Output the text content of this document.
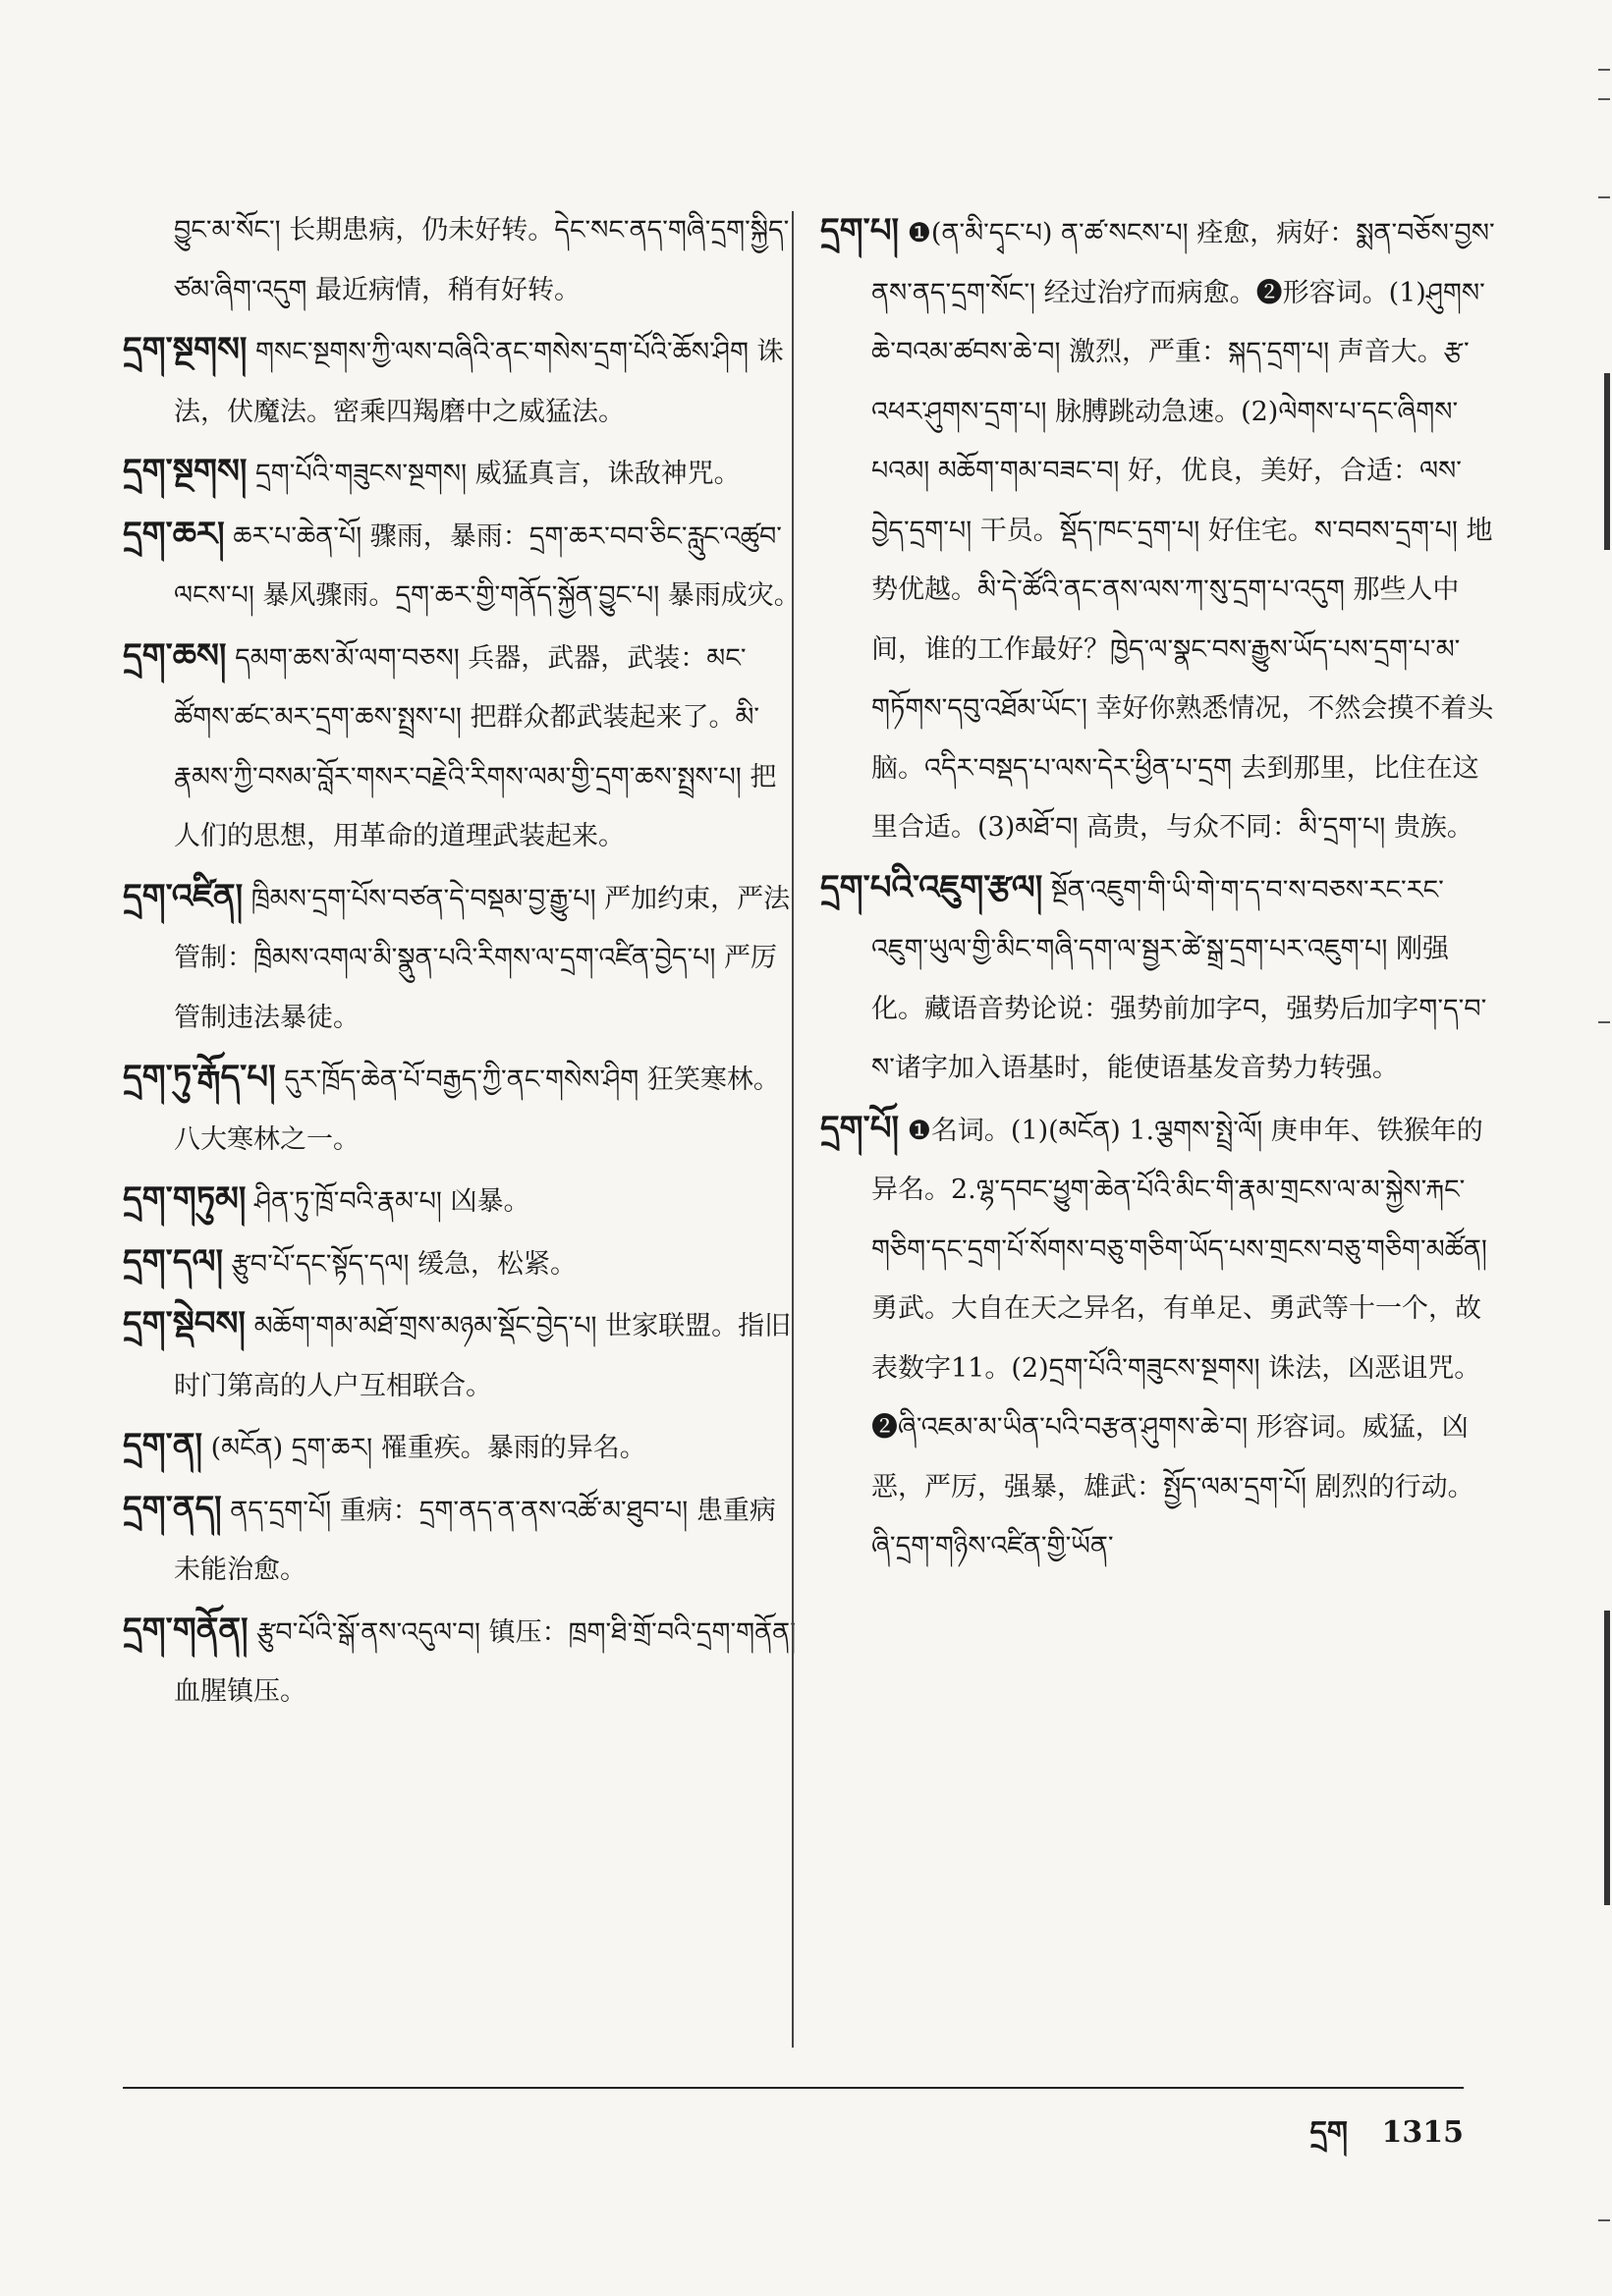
བྱུང་མ་སོང་། 长期患病，仍未好转。དེང་སང་ནད་གཞི་དྲག་སྐྱིད་ཙམ་ཞིག་འདུག 最近病情，稍有好转。

དྲག་སྔགས། གསང་སྔགས་ཀྱི་ལས་བཞིའི་ནང་གསེས་དྲག་པོའི་ཆོས་ཤིག 诛法，伏魔法。密乘四羯磨中之威猛法。

དྲག་སྔགས། དྲག་པོའི་གཟུངས་སྔགས། 威猛真言，诛敌神咒。

དྲག་ཆར། ཆར་པ་ཆེན་པོ། 骤雨，暴雨：དྲག་ཆར་བབ་ཅིང་རླུང་འཚུབ་ལངས་པ། 暴风骤雨。དྲག་ཆར་གྱི་གནོད་སྐྱོན་བྱུང་པ། 暴雨成灾。

དྲག་ཆས། དམག་ཆས་མོ་ལག་བཅས། 兵器，武器，武装：མང་ཚོགས་ཚང་མར་དྲག་ཆས་སྤྲས་པ། 把群众都武装起来了。མི་རྣམས་ཀྱི་བསམ་བློར་གསར་བརྗེའི་རིགས་ལམ་གྱི་དྲག་ཆས་སྤྲས་པ། 把人们的思想，用革命的道理武装起来。

དྲག་འཛིན། ཁྲིམས་དྲག་པོས་བཙན་དེ་བསྡམ་བྱ་རྒྱུ་པ། 严加约束，严法管制：ཁྲིམས་འགལ་མི་སྣུན་པའི་རིགས་ལ་དྲག་འཛིན་བྱེད་པ། 严厉管制违法暴徒。

དྲག་ཏུ་རྒོད་པ། དུར་ཁྲོད་ཆེན་པོ་བརྒྱད་ཀྱི་ནང་གསེས་ཤིག 狂笑寒林。八大寒林之一。

དྲག་གཏུམ། ཤིན་ཏུ་ཁྲོ་བའི་རྣམ་པ། 凶暴。

དྲག་དལ། རྩུབ་པོ་དང་སྟོད་དལ། 缓急，松紧。

དྲག་སྡེབས། མཆོག་གམ་མཐོ་གྲས་མཉམ་སྡོང་བྱེད་པ། 世家联盟。指旧时门第高的人户互相联合。

དྲག་ན། (མངོན) དྲག་ཆར། 罹重疾。暴雨的异名。

དྲག་ནད། ནད་དྲག་པོ། 重病：དྲག་ནད་ན་ནས་འཚོ་མ་ཐུབ་པ། 患重病未能治愈。

དྲག་གནོན། རྩུབ་པོའི་སྒོ་ནས་འདུལ་བ། 镇压：ཁྲག་ཐི་གྲོ་བའི་དྲག་གནོན། 血腥镇压。

དྲག་པ། ❶(ན་མི་དྭང་པ) ན་ཚ་སངས་པ། 痊愈，病好：སྨན་བཅོས་བྱས་ནས་ནད་དྲག་སོང་། 经过治疗而病愈。❷形容词。(1)ཤུགས་ཆེ་བའམ་ཚབས་ཆེ་བ། 激烈，严重：སྐད་དྲག་པ། 声音大。རྩ་འཕར་ཤུགས་དྲག་པ། 脉膊跳动急速。(2)ལེགས་པ་དང་ཞིགས་པའམ། མཆོག་གམ་བཟང་བ། 好，优良，美好，合适：ལས་བྱེད་དྲག་པ། 干员。སྡོད་ཁང་དྲག་པ། 好住宅。ས་བབས་དྲག་པ། 地势优越。མི་དེ་ཚོའི་ནང་ནས་ལས་ཀ་སུ་དྲག་པ་འདུག 那些人中间，谁的工作最好？ཁྱེད་ལ་སྣང་བས་རྒྱུས་ཡོད་པས་དྲག་པ་མ་གཏོགས་དབུ་འཐོམ་ཡོང་། 幸好你熟悉情况，不然会摸不着头脑。འདིར་བསྡད་པ་ལས་དེར་ཕྱིན་པ་དྲག 去到那里，比住在这里合适。(3)མཐོ་བ། 高贵，与众不同：མི་དྲག་པ། 贵族。

དྲག་པའི་འཇུག་རྩལ། སྔོན་འཇུག་གི་ཡི་གེ་ག་ད་བ་ས་བཅས་རང་རང་འཇུག་ཡུལ་གྱི་མིང་གཞི་དག་ལ་སྦྱར་ཚེ་སྒྲ་དྲག་པར་འཇུག་པ། 刚强化。藏语音势论说：强势前加字བ，强势后加字ག་ད་བ་ས་诸字加入语基时，能使语基发音势力转强。

དྲག་པོ། ❶名词。(1)(མངོན) 1.ལྕགས་སྤྲེ་ལོ། 庚申年、铁猴年的异名。2.ལྷ་དབང་ཕྱུག་ཆེན་པོའི་མིང་གི་རྣམ་གྲངས་ལ་མ་སྐྱེས་རྐང་གཅིག་དང་དྲག་པོ་སོགས་བཅུ་གཅིག་ཡོད་པས་གྲངས་བཅུ་གཅིག་མཚོན། 勇武。大自在天之异名，有单足、勇武等十一个，故表数字11。(2)དྲག་པོའི་གཟུངས་སྔགས། 诛法，凶恶诅咒。❷ཞི་འཇམ་མ་ཡིན་པའི་བརྩན་ཤུགས་ཆེ་བ། 形容词。威猛，凶恶，严厉，强暴，雄武：སྤྱོད་ལམ་དྲག་པོ། 剧烈的行动。ཞི་དྲག་གཉིས་འཛིན་གྱི་ཡོན་

དྲག 1315
